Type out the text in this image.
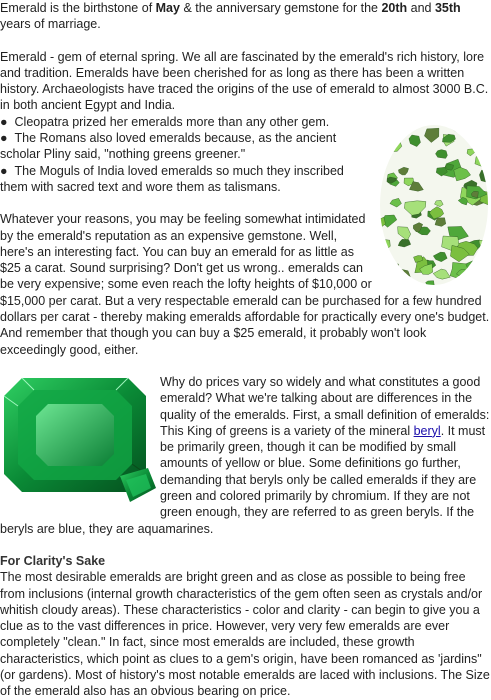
Emerald is the birthstone of May & the anniversary gemstone for the 20th and 35th years of marriage.

Emerald - gem of eternal spring. We all are fascinated by the emerald's rich history, lore and tradition. Emeralds have been cherished for as long as there has been a written history. Archaeologists have traced the origins of the use of emerald to almost 3000 B.C. in both ancient Egypt and India.

● Cleopatra prized her emeralds more than any other gem.

● The Romans also loved emeralds because, as the ancient scholar Pliny said, "nothing greens greener."

● The Moguls of India loved emeralds so much they inscribed them with sacred text and wore them as talismans.

Whatever your reasons, you may be feeling somewhat intimidated by the emerald's reputation as an expensive gemstone. Well, here's an interesting fact. You can buy an emerald for as little as $25 a carat. Sound surprising? Don't get us wrong.. emeralds can be very expensive; some even reach the lofty heights of $10,000 or $15,000 per carat. But a very respectable emerald can be purchased for a few hundred dollars per carat - thereby making emeralds affordable for practically every one's budget. And remember that though you can buy a $25 emerald, it probably won't look exceedingly good, either.

Why do prices vary so widely and what constitutes a good emerald? What we're talking about are differences in the quality of the emeralds. First, a small definition of emeralds: This King of greens is a variety of the mineral beryl. It must be primarily green, though it can be modified by small amounts of yellow or blue. Some definitions go further, demanding that beryls only be called emeralds if they are green and colored primarily by chromium. If they are not green enough, they are referred to as green beryls. If the beryls are blue, they are aquamarines.

For Clarity's Sake

The most desirable emeralds are bright green and as close as possible to being free from inclusions (internal growth characteristics of the gem often seen as crystals and/or whitish cloudy areas). These characteristics - color and clarity - can begin to give you a clue as to the vast differences in price. However, very very few emeralds are ever completely "clean." In fact, since most emeralds are included, these growth characteristics, which point as clues to a gem's origin, have been romanced as 'jardins" (or gardens). Most of history's most notable emeralds are laced with inclusions. The Size of the emerald also has an obvious bearing on price.
